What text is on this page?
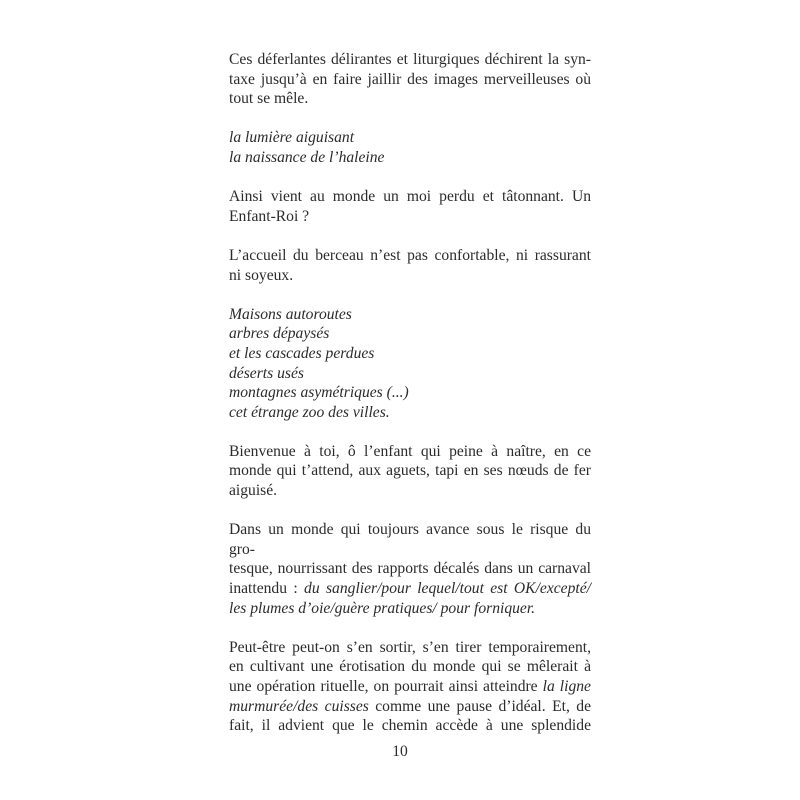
Ces déferlantes délirantes et liturgiques déchirent la syn-
taxe jusqu’à en faire jaillir des images merveilleuses où
tout se mêle.

la lumière aiguisant
la naissance de l’haleine

Ainsi vient au monde un moi perdu et tâtonnant. Un
Enfant-Roi ?

L’accueil du berceau n’est pas confortable, ni rassurant
ni soyeux.

Maisons autoroutes
arbres dépaysés
et les cascades perdues
déserts usés
montagnes asymétriques (...)
cet étrange zoo des villes.

Bienvenue à toi, ô l’enfant qui peine à naître, en ce
monde qui t’attend, aux aguets, tapi en ses nœuds de fer
aiguisé.

Dans un monde qui toujours avance sous le risque du gro-
tesque, nourrissant des rapports décalés dans un carnaval
inattendu : du sanglier/pour lequel/tout est OK/excepté/
les plumes d’oie/guère pratiques/ pour forniquer.

Peut-être peut-on s’en sortir, s’en tirer temporairement,
en cultivant une érotisation du monde qui se mêlerait à
une opération rituelle, on pourrait ainsi atteindre la ligne
murmurée/des cuisses comme une pause d’idéal. Et, de
fait, il advient que le chemin accède à une splendide

10
